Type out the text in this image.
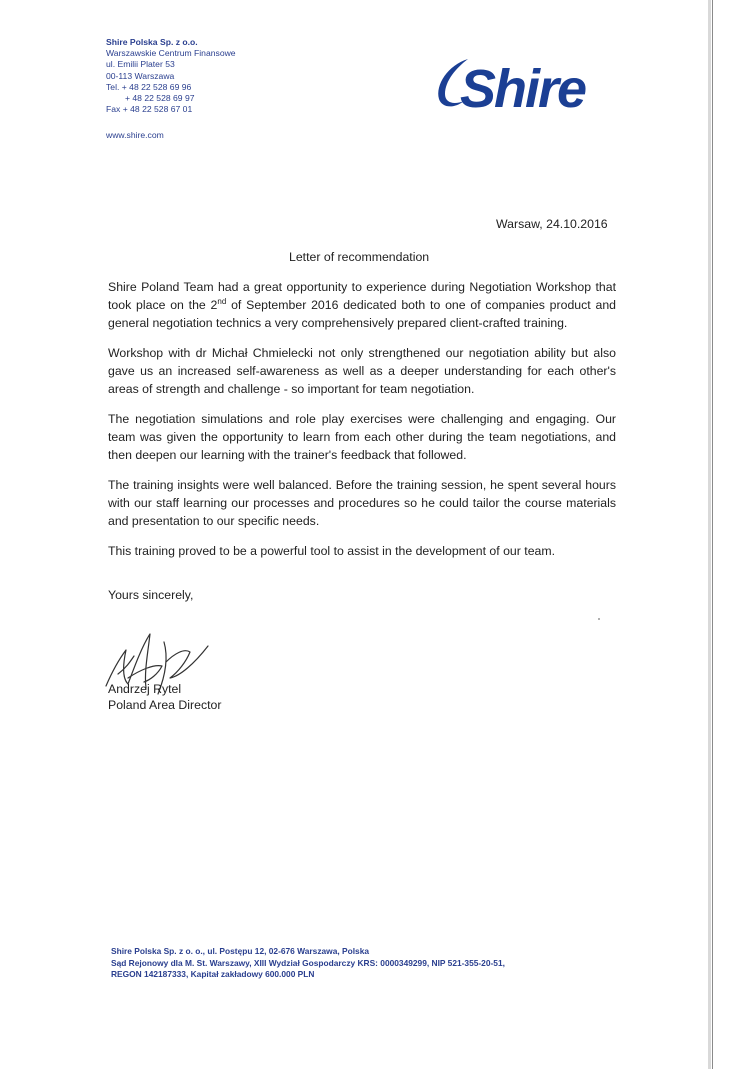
Shire Polska Sp. z o.o.
Warszawskie Centrum Finansowe
ul. Emilii Plater 53
00-113 Warszawa
Tel. + 48 22 528 69 96
+ 48 22 528 69 97
Fax + 48 22 528 67 01
www.shire.com
Shire
Warsaw, 24.10.2016
Letter of recommendation

Shire Poland Team had a great opportunity to experience during Negotiation Workshop that took place on the 2nd of September 2016 dedicated both to one of companies product and general negotiation technics a very comprehensively prepared client-crafted training.

Workshop with dr Michał Chmielecki not only strengthened our negotiation ability but also gave us an increased self-awareness as well as a deeper understanding for each other's areas of strength and challenge - so important for team negotiation.

The negotiation simulations and role play exercises were challenging and engaging. Our team was given the opportunity to learn from each other during the team negotiations, and then deepen our learning with the trainer's feedback that followed.

The training insights were well balanced. Before the training session, he spent several hours with our staff learning our processes and procedures so he could tailor the course materials and presentation to our specific needs.

This training proved to be a powerful tool to assist in the development of our team.

Yours sincerely,
Andrzej Rytel
Poland Area Director
Shire Polska Sp. z o. o., ul. Postępu 12, 02-676 Warszawa, Polska
Sąd Rejonowy dla M. St. Warszawy, XIII Wydział Gospodarczy KRS: 0000349299, NIP 521-355-20-51,
REGON 142187333, Kapitał zakładowy 600.000 PLN
